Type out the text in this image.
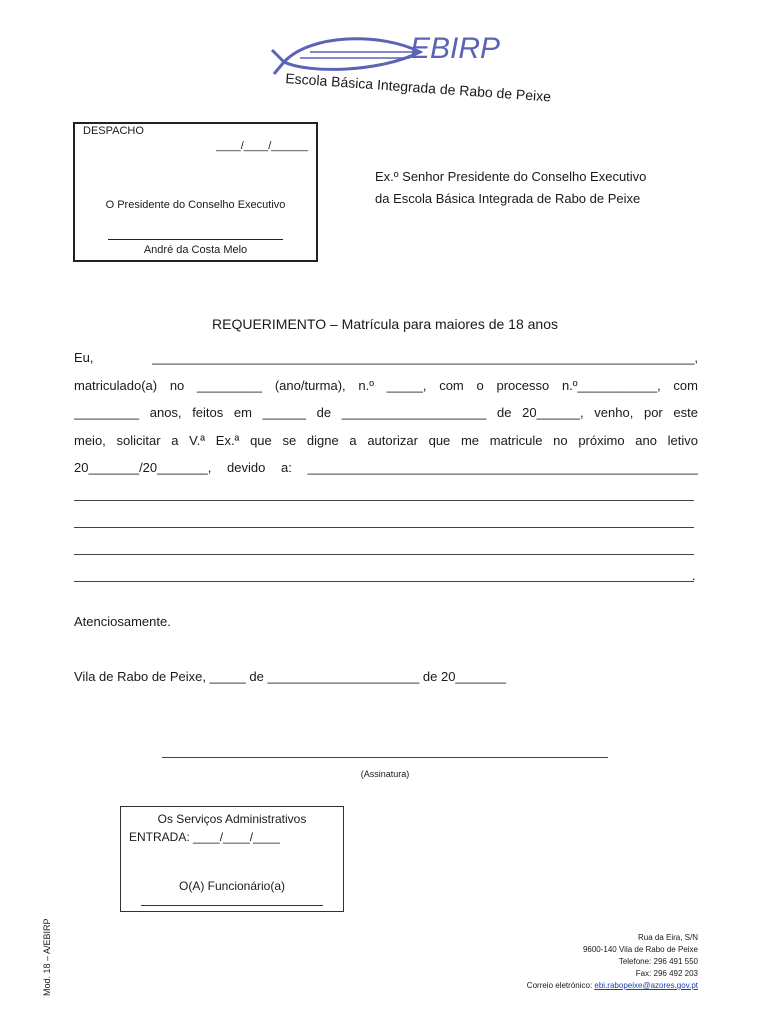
EBIRP
Escola Básica Integrada de Rabo de Peixe
DESPACHO
____/____/______
O Presidente do Conselho Executivo
André da Costa Melo
Ex.º Senhor Presidente do Conselho Executivo
da Escola Básica Integrada de Rabo de Peixe
REQUERIMENTO – Matrícula para maiores de 18 anos
Eu, ___________________________________________________________________________,
matriculado(a) no _________ (ano/turma), n.º _____, com o processo n.º___________, com
_________ anos, feitos em ______ de ____________________ de 20______, venho, por este
meio, solicitar a V.ª Ex.ª que se digne a autorizar que me matricule no próximo ano letivo
20_______/20_______, devido a: ______________________________________________________
.
Atenciosamente.
Vila de Rabo de Peixe, _____ de _____________________ de 20_______
(Assinatura)
Os Serviços Administrativos
ENTRADA: ____/____/____
O(A) Funcionário(a)
Mod. 18 – A/EBIRP	Rua da Eira, S/N
9600-140 Vila de Rabo de Peixe
Telefone: 296 491 550
Fax: 296 492 203
Correio eletrónico: ebi.rabopeixe@azores.gov.pt
